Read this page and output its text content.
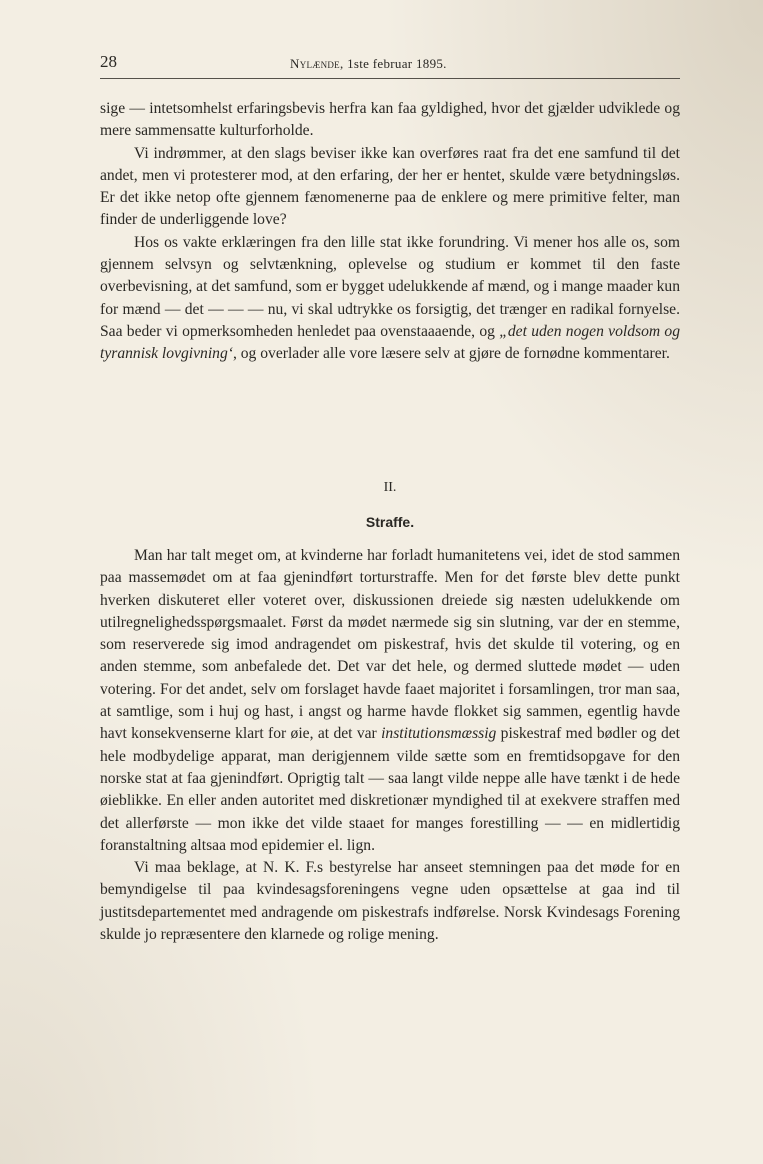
28	Nylænde, 1ste februar 1895.

sige — intetsomhelst erfaringsbevis herfra kan faa gyldighed, hvor det gjælder udviklede og mere sammensatte kulturforholde.

Vi indrømmer, at den slags beviser ikke kan overføres raat fra det ene samfund til det andet, men vi protesterer mod, at den erfaring, der her er hentet, skulde være betydningsløs. Er det ikke netop ofte gjennem fænomenerne paa de enklere og mere primitive felter, man finder de underliggende love?

Hos os vakte erklæringen fra den lille stat ikke forundring. Vi mener hos alle os, som gjennem selvsyn og selvtænkning, oplevelse og studium er kommet til den faste overbevisning, at det samfund, som er bygget udelukkende af mænd, og i mange maader kun for mænd — det — — — nu, vi skal udtrykke os forsigtig, det trænger en radikal fornyelse. Saa beder vi opmerksomheden henledet paa ovenstaaaende, og „det uden nogen voldsom og tyrannisk lovgivning‘, og overlader alle vore læsere selv at gjøre de fornødne kommentarer.

II.
Straffe.

Man har talt meget om, at kvinderne har forladt humanitetens vei, idet de stod sammen paa massemødet om at faa gjenindført torturstraffe. Men for det første blev dette punkt hverken diskuteret eller voteret over, diskussionen dreiede sig næsten udelukkende om utilregnelighedsspørgsmaalet. Først da mødet nærmede sig sin slutning, var der en stemme, som reserverede sig imod andragendet om piskestraf, hvis det skulde til votering, og en anden stemme, som anbefalede det. Det var det hele, og dermed sluttede mødet — uden votering. For det andet, selv om forslaget havde faaet majoritet i forsamlingen, tror man saa, at samtlige, som i huj og hast, i angst og harme havde flokket sig sammen, egentlig havde havt konsekvenserne klart for øie, at det var institutionsmæssig piskestraf med bødler og det hele modbydelige apparat, man derigjennem vilde sætte som en fremtidsopgave for den norske stat at faa gjenindført. Oprigtig talt — saa langt vilde neppe alle have tænkt i de hede øieblikke. En eller anden autoritet med diskretionær myndighed til at exekvere straffen med det allerførste — mon ikke det vilde staaet for manges forestilling — — en midlertidig foranstaltning altsaa mod epidemier el. lign.

Vi maa beklage, at N. K. F.s bestyrelse har anseet stemningen paa det møde for en bemyndigelse til paa kvindesagsforeningens vegne uden opsættelse at gaa ind til justitsdepartementet med andragende om piskestrafs indførelse. Norsk Kvindesags Forening skulde jo repræsentere den klarnede og rolige mening.
